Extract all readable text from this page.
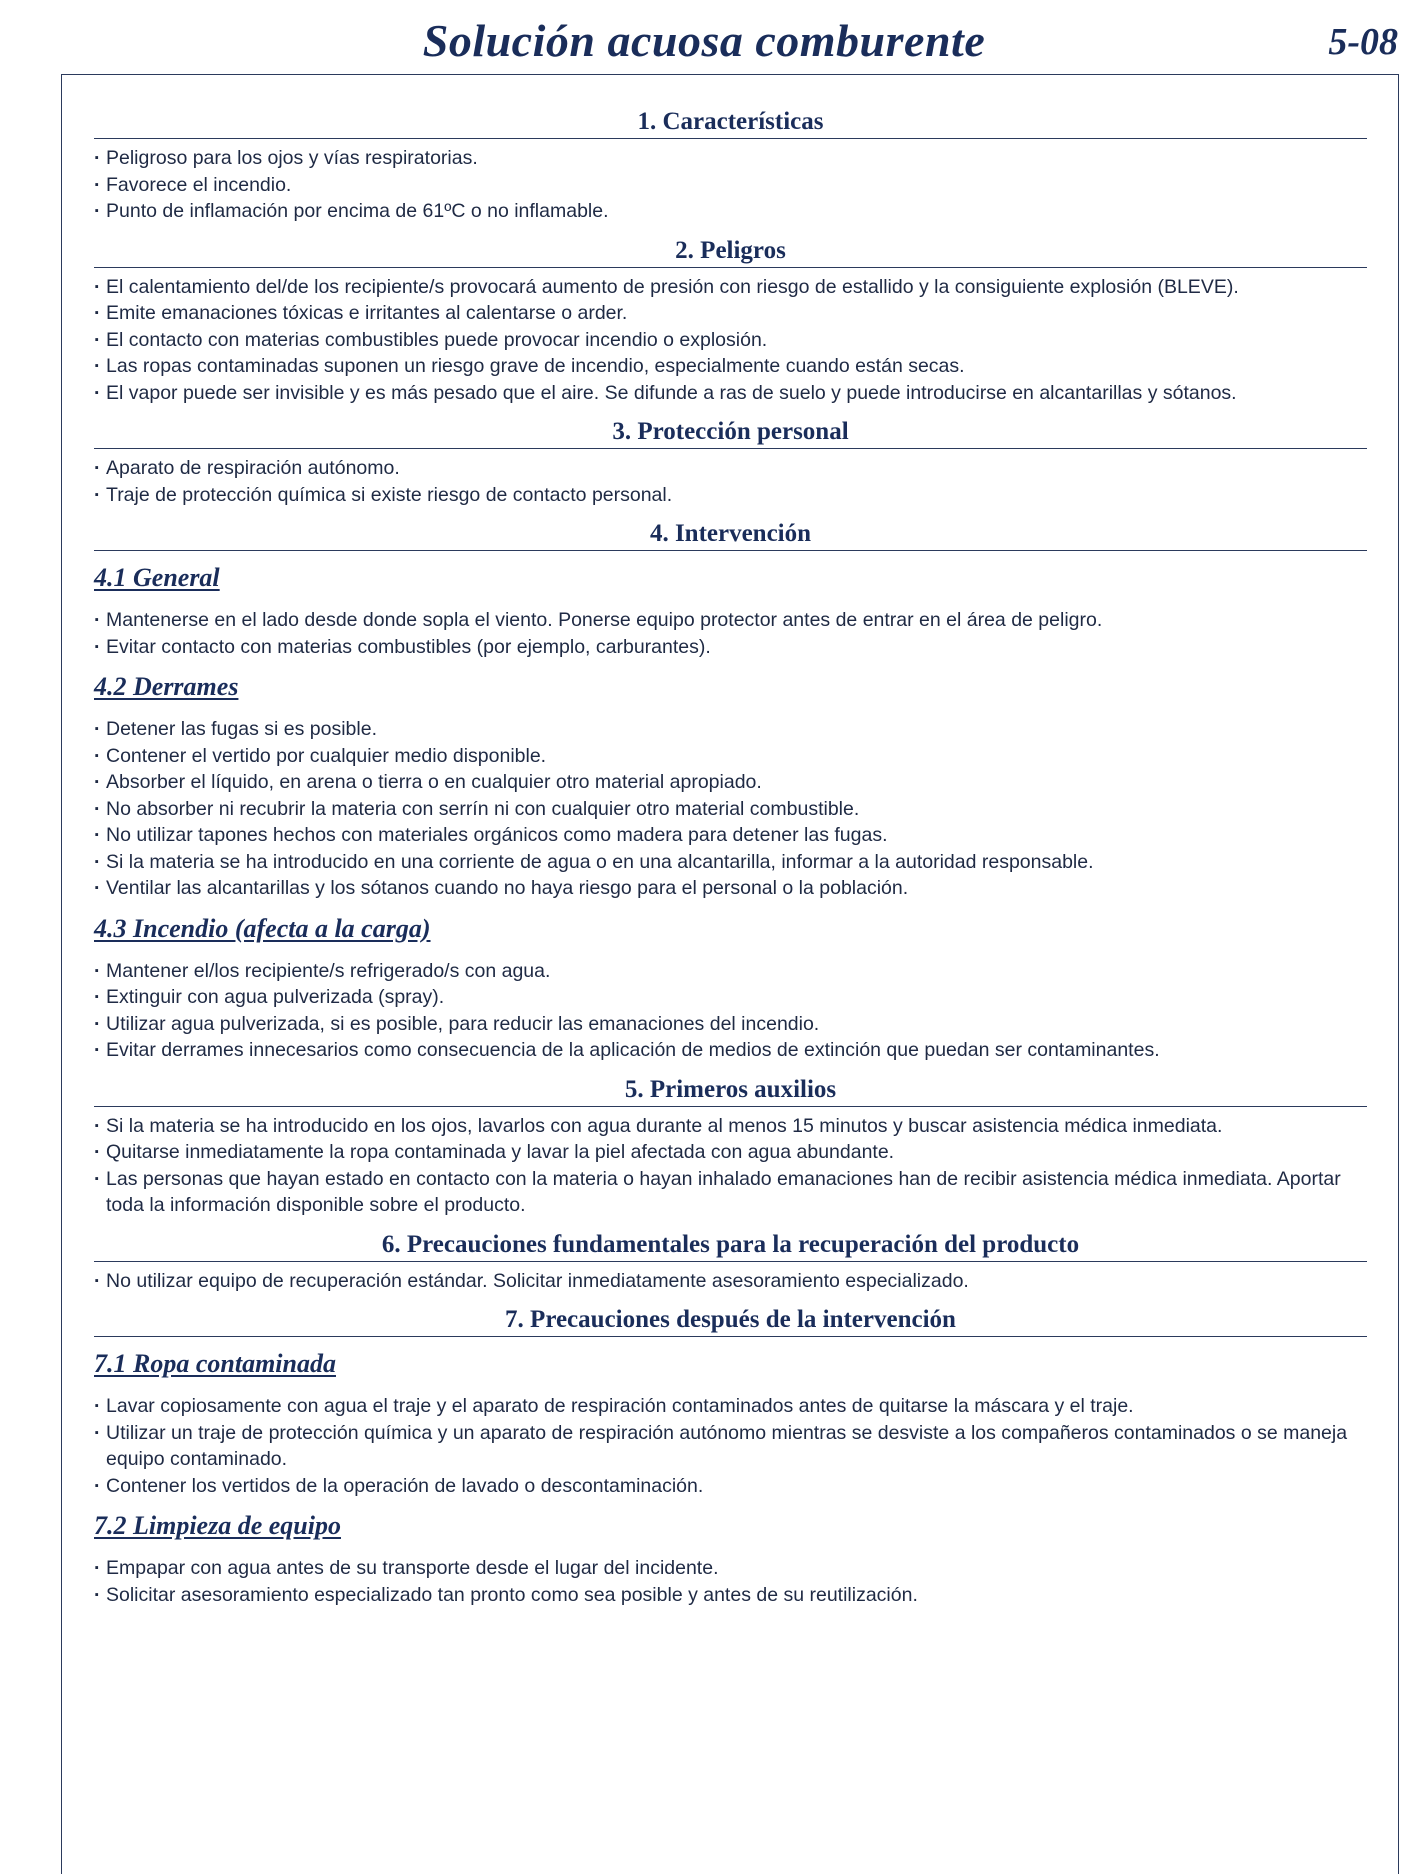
Solución acuosa comburente	5-08
1. Características
· Peligroso para los ojos y vías respiratorias.
· Favorece el incendio.
· Punto de inflamación por encima de 61ºC o no inflamable.
2. Peligros
· El calentamiento del/de los recipiente/s provocará aumento de presión con riesgo de estallido y la consiguiente explosión (BLEVE).
· Emite emanaciones tóxicas e irritantes al calentarse o arder.
· El contacto con materias combustibles puede provocar incendio o explosión.
· Las ropas contaminadas suponen un riesgo grave de incendio, especialmente cuando están secas.
· El vapor puede ser invisible y es más pesado que el aire. Se difunde a ras de suelo y puede introducirse en alcantarillas y sótanos.
3. Protección personal
· Aparato de respiración autónomo.
· Traje de protección química si existe riesgo de contacto personal.
4. Intervención
4.1 General
· Mantenerse en el lado desde donde sopla el viento. Ponerse equipo protector antes de entrar en el área de peligro.
· Evitar contacto con materias combustibles (por ejemplo, carburantes).
4.2 Derrames
· Detener las fugas si es posible.
· Contener el vertido por cualquier medio disponible.
· Absorber el líquido, en arena o tierra o en cualquier otro material apropiado.
· No absorber ni recubrir la materia con serrín ni con cualquier otro material combustible.
· No utilizar tapones hechos con materiales orgánicos como madera para detener las fugas.
· Si la materia se ha introducido en una corriente de agua o en una alcantarilla, informar a la autoridad responsable.
· Ventilar las alcantarillas y los sótanos cuando no haya riesgo para el personal o la población.
4.3 Incendio (afecta a la carga)
· Mantener el/los recipiente/s refrigerado/s con agua.
· Extinguir con agua pulverizada (spray).
· Utilizar agua pulverizada, si es posible, para reducir las emanaciones del incendio.
· Evitar derrames innecesarios como consecuencia de la aplicación de medios de extinción que puedan ser contaminantes.
5. Primeros auxilios
· Si la materia se ha introducido en los ojos, lavarlos con agua durante al menos 15 minutos y buscar asistencia médica inmediata.
· Quitarse inmediatamente la ropa contaminada y lavar la piel afectada con agua abundante.
· Las personas que hayan estado en contacto con la materia o hayan inhalado emanaciones han de recibir asistencia médica inmediata. Aportar toda la información disponible sobre el producto.
6. Precauciones fundamentales para la recuperación del producto
· No utilizar equipo de recuperación estándar. Solicitar inmediatamente asesoramiento especializado.
7. Precauciones después de la intervención
7.1 Ropa contaminada
· Lavar copiosamente con agua el traje y el aparato de respiración contaminados antes de quitarse la máscara y el traje.
· Utilizar un traje de protección química y un aparato de respiración autónomo mientras se desviste a los compañeros contaminados o se maneja equipo contaminado.
· Contener los vertidos de la operación de lavado o descontaminación.
7.2 Limpieza de equipo
· Empapar con agua antes de su transporte desde el lugar del incidente.
· Solicitar asesoramiento especializado tan pronto como sea posible y antes de su reutilización.
